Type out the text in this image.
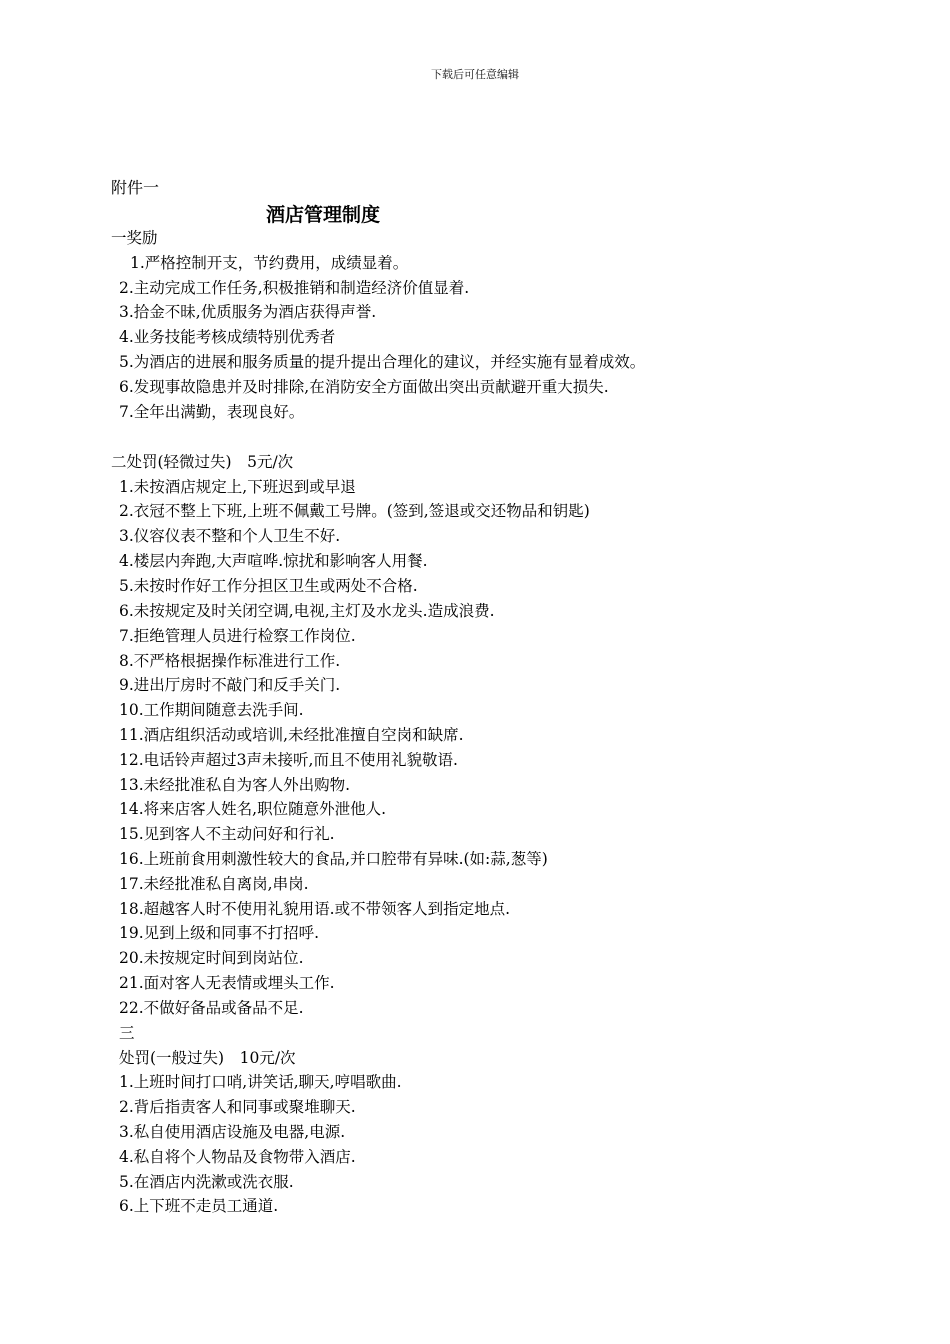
下载后可任意编辑
附件一
酒店管理制度
一奖励
1.严格控制开支，节约费用，成绩显着。
2.主动完成工作任务,积极推销和制造经济价值显着.
3.拾金不昧,优质服务为酒店获得声誉.
4.业务技能考核成绩特别优秀者
5.为酒店的进展和服务质量的提升提出合理化的建议，并经实施有显着成效。
6.发现事故隐患并及时排除,在消防安全方面做出突出贡献避开重大损失.
7.全年出满勤，表现良好。
二处罚(轻微过失)　5元/次
1.未按酒店规定上,下班迟到或早退
2.衣冠不整上下班,上班不佩戴工号牌。(签到,签退或交还物品和钥匙)
3.仪容仪表不整和个人卫生不好.
4.楼层内奔跑,大声喧哗.惊扰和影响客人用餐.
5.未按时作好工作分担区卫生或两处不合格.
6.未按规定及时关闭空调,电视,主灯及水龙头.造成浪费.
7.拒绝管理人员进行检察工作岗位.
8.不严格根据操作标准进行工作.
9.进出厅房时不敲门和反手关门.
10.工作期间随意去洗手间.
11.酒店组织活动或培训,未经批准擅自空岗和缺席.
12.电话铃声超过3声未接听,而且不使用礼貌敬语.
13.未经批准私自为客人外出购物.
14.将来店客人姓名,职位随意外泄他人.
15.见到客人不主动问好和行礼.
16.上班前食用刺激性较大的食品,并口腔带有异味.(如:蒜,葱等)
17.未经批准私自离岗,串岗.
18.超越客人时不使用礼貌用语.或不带领客人到指定地点.
19.见到上级和同事不打招呼.
20.未按规定时间到岗站位.
21.面对客人无表情或埋头工作.
22.不做好备品或备品不足.
三
处罚(一般过失)　10元/次
1.上班时间打口哨,讲笑话,聊天,哼唱歌曲.
2.背后指责客人和同事或聚堆聊天.
3.私自使用酒店设施及电器,电源.
4.私自将个人物品及食物带入酒店.
5.在酒店内洗漱或洗衣服.
6.上下班不走员工通道.
